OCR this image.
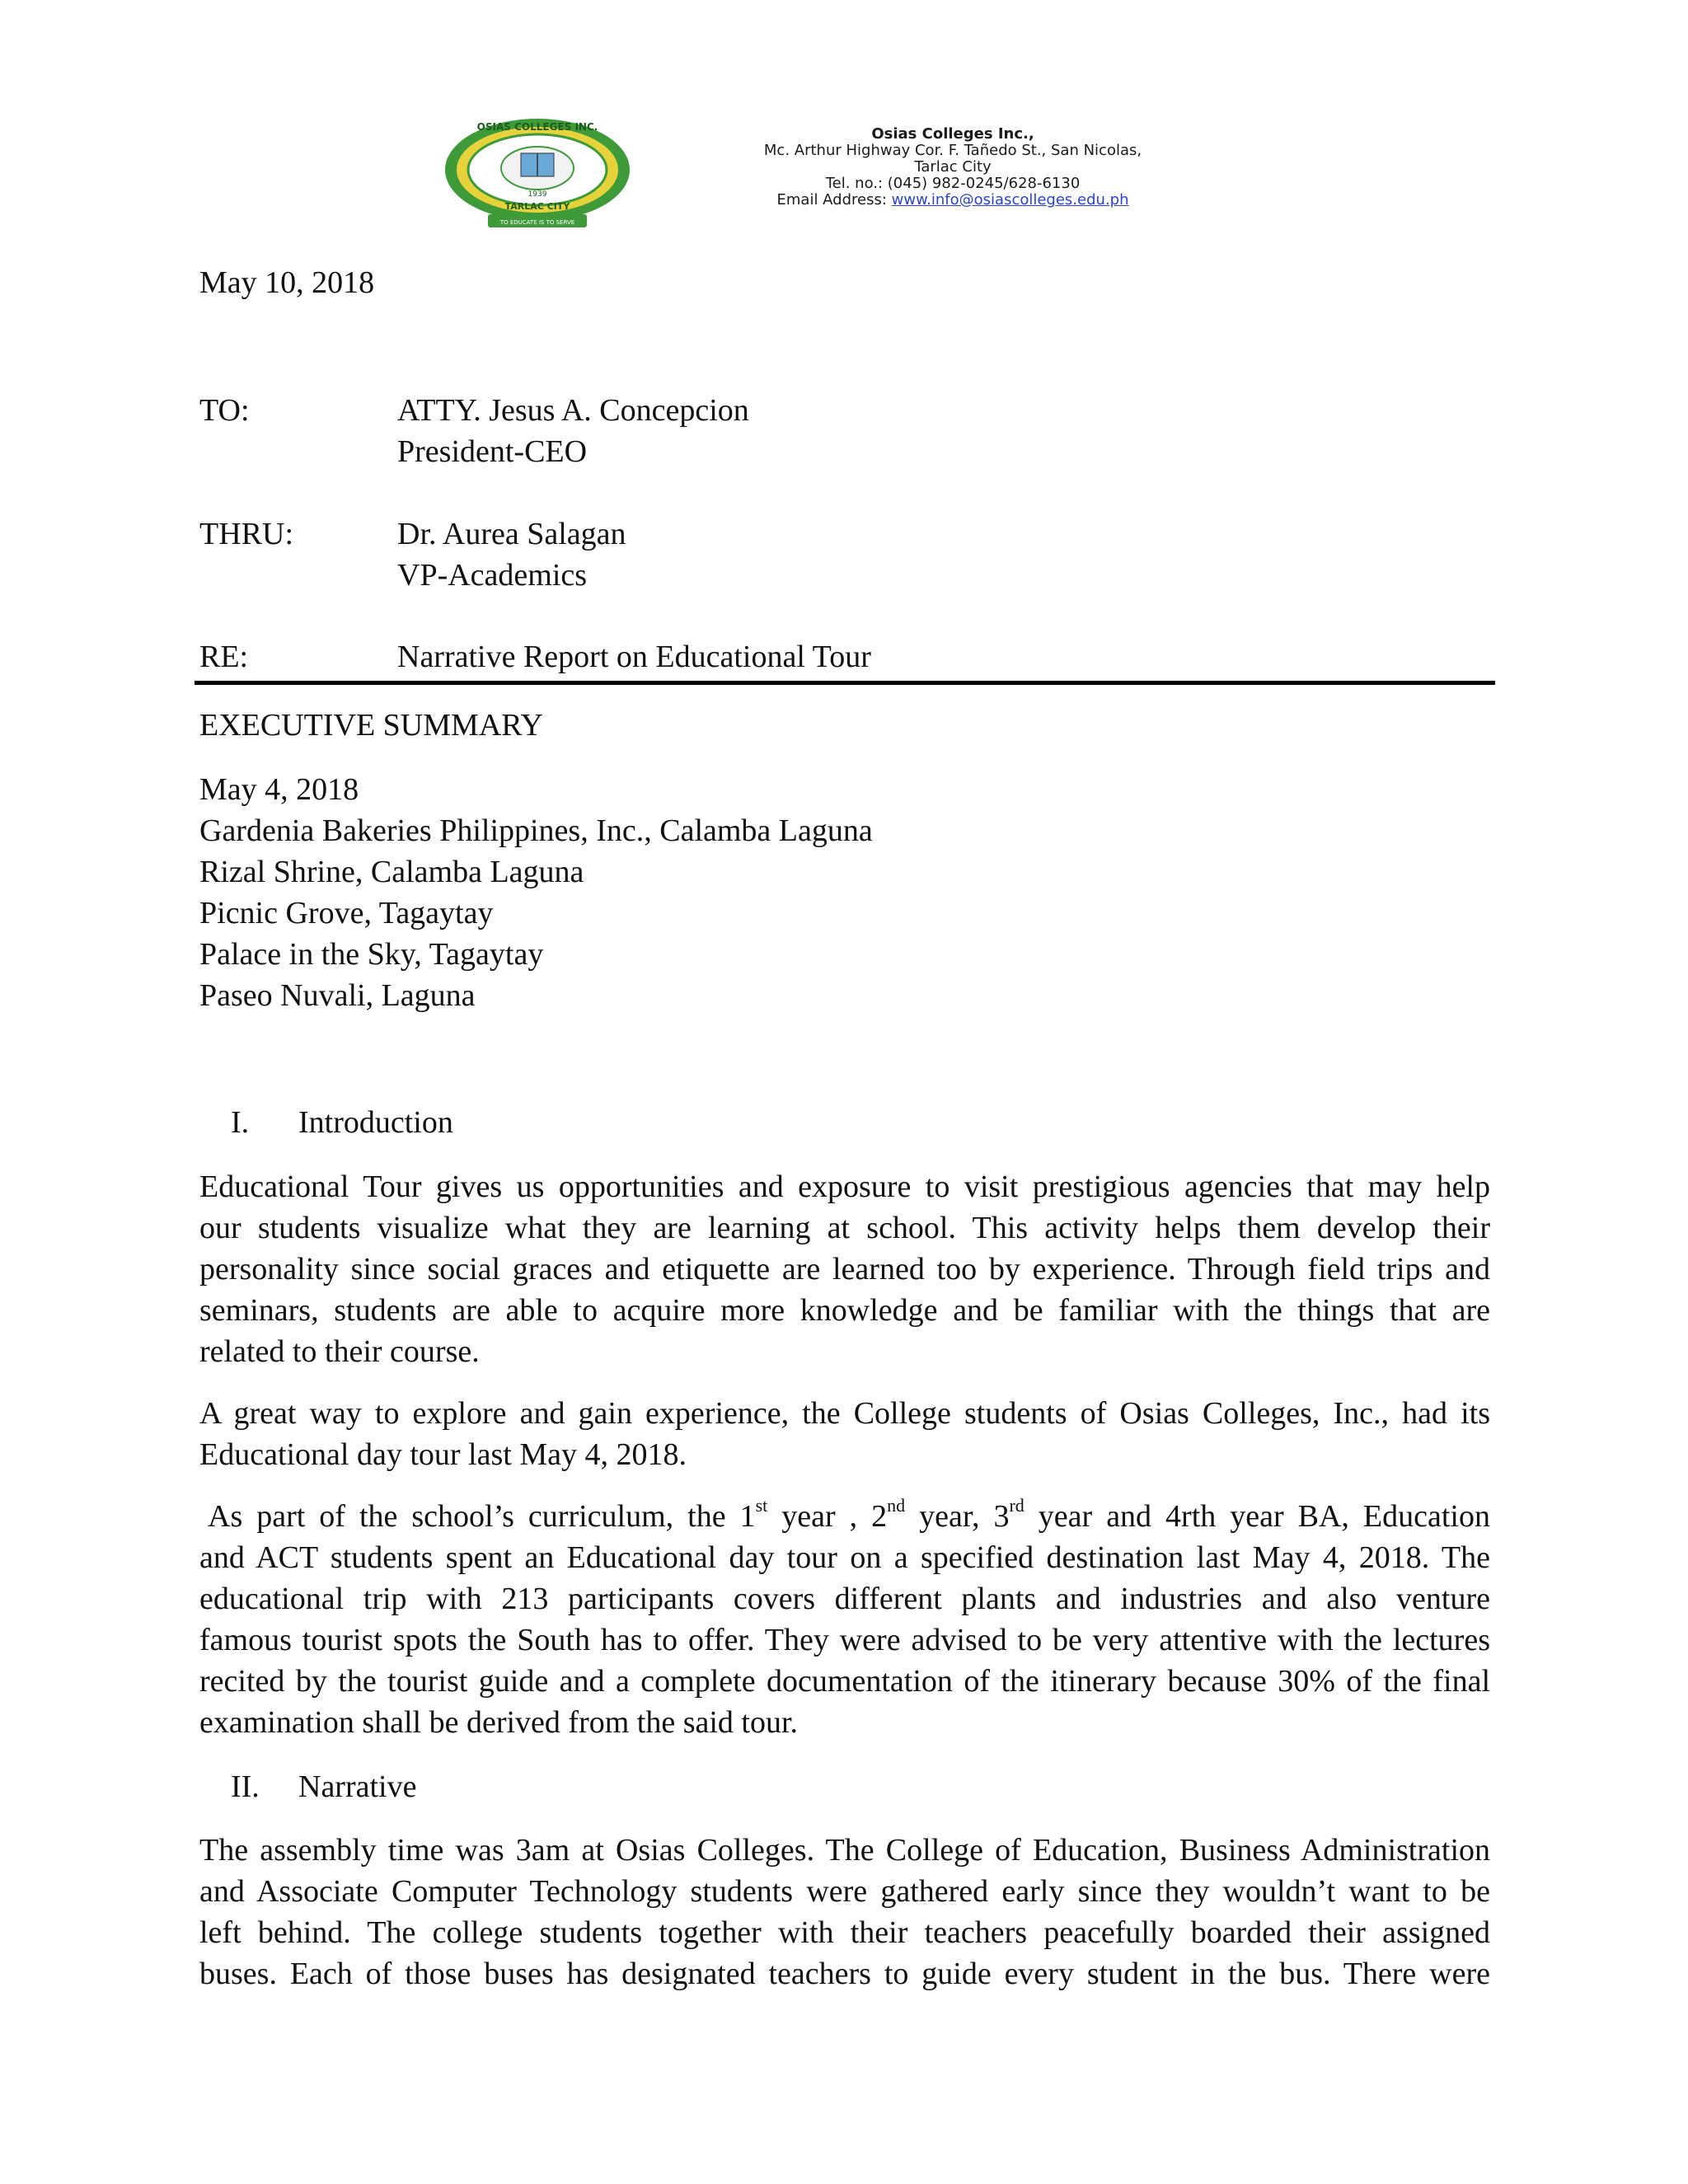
OSIAS COLLEGES INC.
1939
TARLAC CITY
TO EDUCATE IS TO SERVE
Osias Colleges Inc.,
Mc. Arthur Highway Cor. F. Tañedo St., San Nicolas,
Tarlac City
Tel. no.: (045) 982-0245/628-6130
Email Address: www.info@osiascolleges.edu.ph
May 10, 2018
TO:	ATTY. Jesus A. Concepcion
President-CEO
THRU:	Dr. Aurea Salagan
VP-Academics
RE:	Narrative Report on Educational Tour
EXECUTIVE SUMMARY
May 4, 2018
Gardenia Bakeries Philippines, Inc., Calamba Laguna
Rizal Shrine, Calamba Laguna
Picnic Grove, Tagaytay
Palace in the Sky, Tagaytay
Paseo Nuvali, Laguna
I. Introduction
Educational Tour gives us opportunities and exposure to visit prestigious agencies that may help
our students visualize what they are learning at school. This activity helps them develop their
personality since social graces and etiquette are learned too by experience. Through field trips and
seminars, students are able to acquire more knowledge and be familiar with the things that are
related to their course.
A great way to explore and gain experience, the College students of Osias Colleges, Inc., had its
Educational day tour last May 4, 2018.
As part of the school’s curriculum, the 1st year , 2nd year, 3rd year and 4rth year BA, Education
and ACT students spent an Educational day tour on a specified destination last May 4, 2018. The
educational trip with 213 participants covers different plants and industries and also venture
famous tourist spots the South has to offer. They were advised to be very attentive with the lectures
recited by the tourist guide and a complete documentation of the itinerary because 30% of the final
examination shall be derived from the said tour.
II. Narrative
The assembly time was 3am at Osias Colleges. The College of Education, Business Administration
and Associate Computer Technology students were gathered early since they wouldn’t want to be
left behind. The college students together with their teachers peacefully boarded their assigned
buses. Each of those buses has designated teachers to guide every student in the bus. There were
